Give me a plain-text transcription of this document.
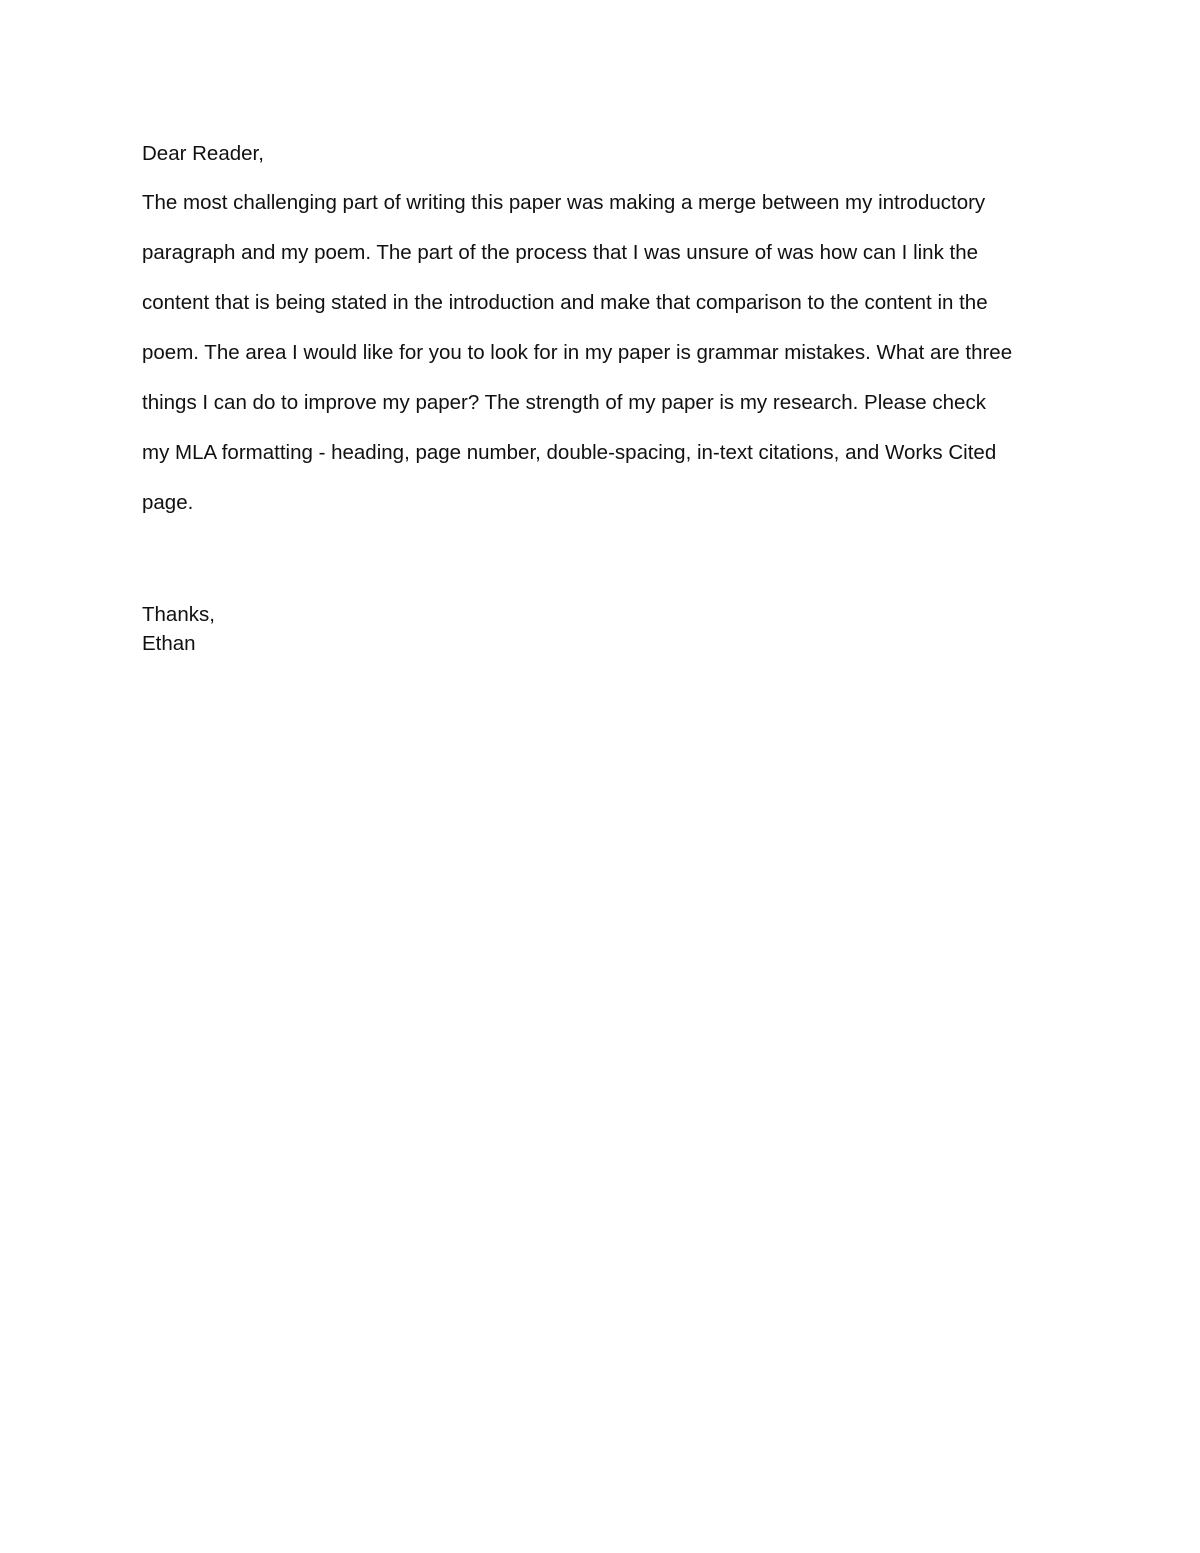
Dear Reader,
The most challenging part of writing this paper was making a merge between my introductory
paragraph and my poem. The part of the process that I was unsure of was how can I link the
content that is being stated in the introduction and make that comparison to the content in the
poem. The area I would like for you to look for in my paper is grammar mistakes. What are three
things I can do to improve my paper? The strength of my paper is my research. Please check
my MLA formatting - heading, page number, double-spacing, in-text citations, and Works Cited
page.
Thanks,
Ethan
